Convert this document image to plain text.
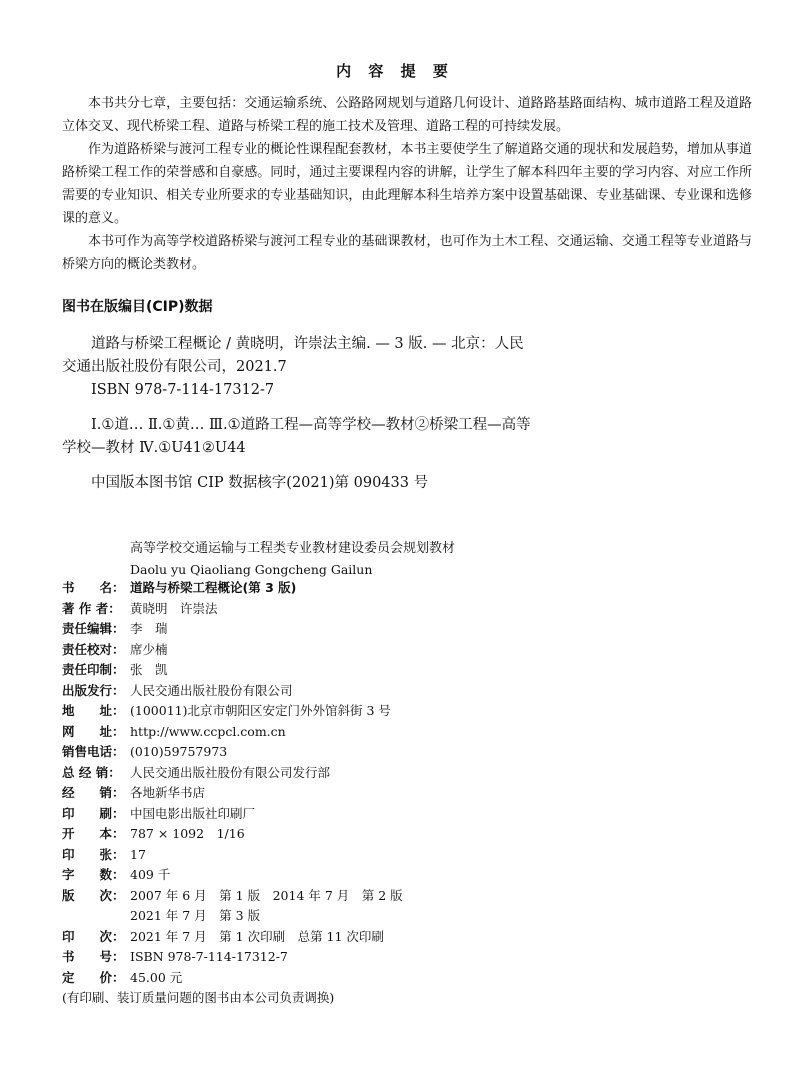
内 容 提 要

本书共分七章，主要包括：交通运输系统、公路路网规划与道路几何设计、道路路基路面结构、城市道路工程及道路立体交叉、现代桥梁工程、道路与桥梁工程的施工技术及管理、道路工程的可持续发展。

作为道路桥梁与渡河工程专业的概论性课程配套教材，本书主要使学生了解道路交通的现状和发展趋势，增加从事道路桥梁工程工作的荣誉感和自豪感。同时，通过主要课程内容的讲解，让学生了解本科四年主要的学习内容、对应工作所需要的专业知识、相关专业所要求的专业基础知识，由此理解本科生培养方案中设置基础课、专业基础课、专业课和选修课的意义。

本书可作为高等学校道路桥梁与渡河工程专业的基础课教材，也可作为土木工程、交通运输、交通工程等专业道路与桥梁方向的概论类教材。

图书在版编目(CIP)数据

道路与桥梁工程概论 / 黄晓明，许崇法主编. — 3 版. — 北京：人民交通出版社股份有限公司，2021.7

ISBN 978-7-114-17312-7

Ⅰ.①道… Ⅱ.①黄… Ⅲ.①道路工程—高等学校—教材②桥梁工程—高等学校—教材 Ⅳ.①U41②U44

中国版本图书馆 CIP 数据核字(2021)第 090433 号

高等学校交通运输与工程类专业教材建设委员会规划教材
Daolu yu Qiaoliang Gongcheng Gailun
书　　名： 道路与桥梁工程概论(第 3 版)
著 作 者： 黄晓明　许崇法
责任编辑： 李　瑞
责任校对： 席少楠
责任印制： 张　凯
出版发行： 人民交通出版社股份有限公司
地　　址： (100011)北京市朝阳区安定门外外馆斜街 3 号
网　　址： http://www.ccpcl.com.cn
销售电话： (010)59757973
总 经 销： 人民交通出版社股份有限公司发行部
经　　销： 各地新华书店
印　　刷： 中国电影出版社印刷厂
开　　本： 787 × 1092　1/16
印　　张： 17
字　　数： 409 千
版　　次： 2007 年 6 月　第 1 版　2014 年 7 月　第 2 版
2021 年 7 月　第 3 版
印　　次： 2021 年 7 月　第 1 次印刷　总第 11 次印刷
书　　号： ISBN 978-7-114-17312-7
定　　价： 45.00 元
(有印刷、装订质量问题的图书由本公司负责调换)
